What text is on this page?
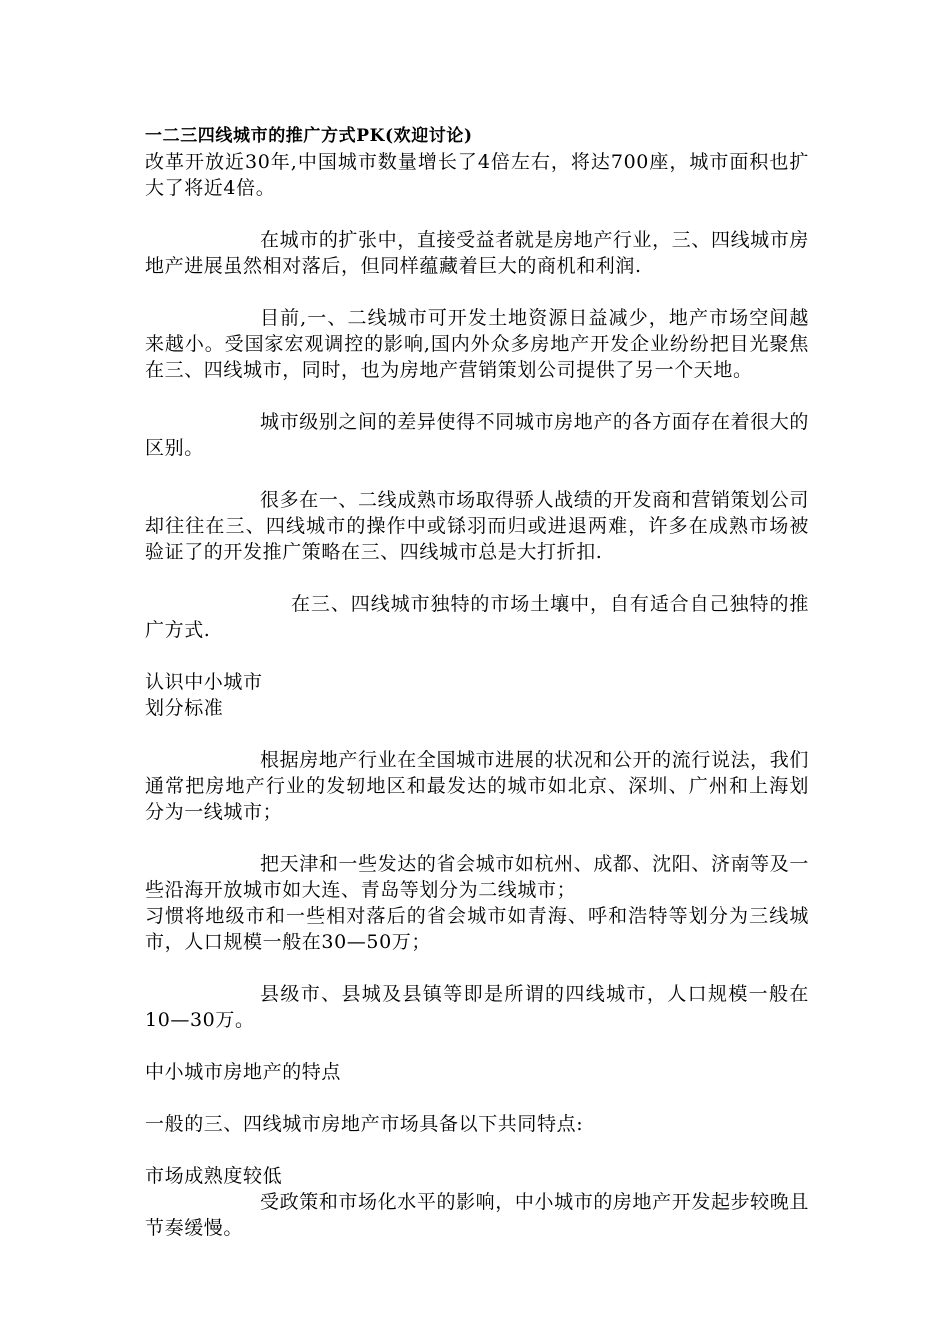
一二三四线城市的推广方式PK(欢迎讨论)

改革开放近30年,中国城市数量增长了4倍左右，将达700座，城市面积也扩大了将近4倍。

在城市的扩张中，直接受益者就是房地产行业，三、四线城市房地产进展虽然相对落后，但同样蕴藏着巨大的商机和利润.

目前,一、二线城市可开发土地资源日益减少，地产市场空间越来越小。受国家宏观调控的影响,国内外众多房地产开发企业纷纷把目光聚焦在三、四线城市，同时，也为房地产营销策划公司提供了另一个天地。

城市级别之间的差异使得不同城市房地产的各方面存在着很大的区别。

很多在一、二线成熟市场取得骄人战绩的开发商和营销策划公司却往往在三、四线城市的操作中或铩羽而归或进退两难，许多在成熟市场被验证了的开发推广策略在三、四线城市总是大打折扣.

在三、四线城市独特的市场土壤中，自有适合自己独特的推广方式.

认识中小城市

划分标准

根据房地产行业在全国城市进展的状况和公开的流行说法，我们通常把房地产行业的发轫地区和最发达的城市如北京、深圳、广州和上海划分为一线城市；

把天津和一些发达的省会城市如杭州、成都、沈阳、济南等及一些沿海开放城市如大连、青岛等划分为二线城市；

习惯将地级市和一些相对落后的省会城市如青海、呼和浩特等划分为三线城市，人口规模一般在30—50万；

县级市、县城及县镇等即是所谓的四线城市，人口规模一般在10—30万。

中小城市房地产的特点

一般的三、四线城市房地产市场具备以下共同特点:

市场成熟度较低

受政策和市场化水平的影响，中小城市的房地产开发起步较晚且节奏缓慢。
